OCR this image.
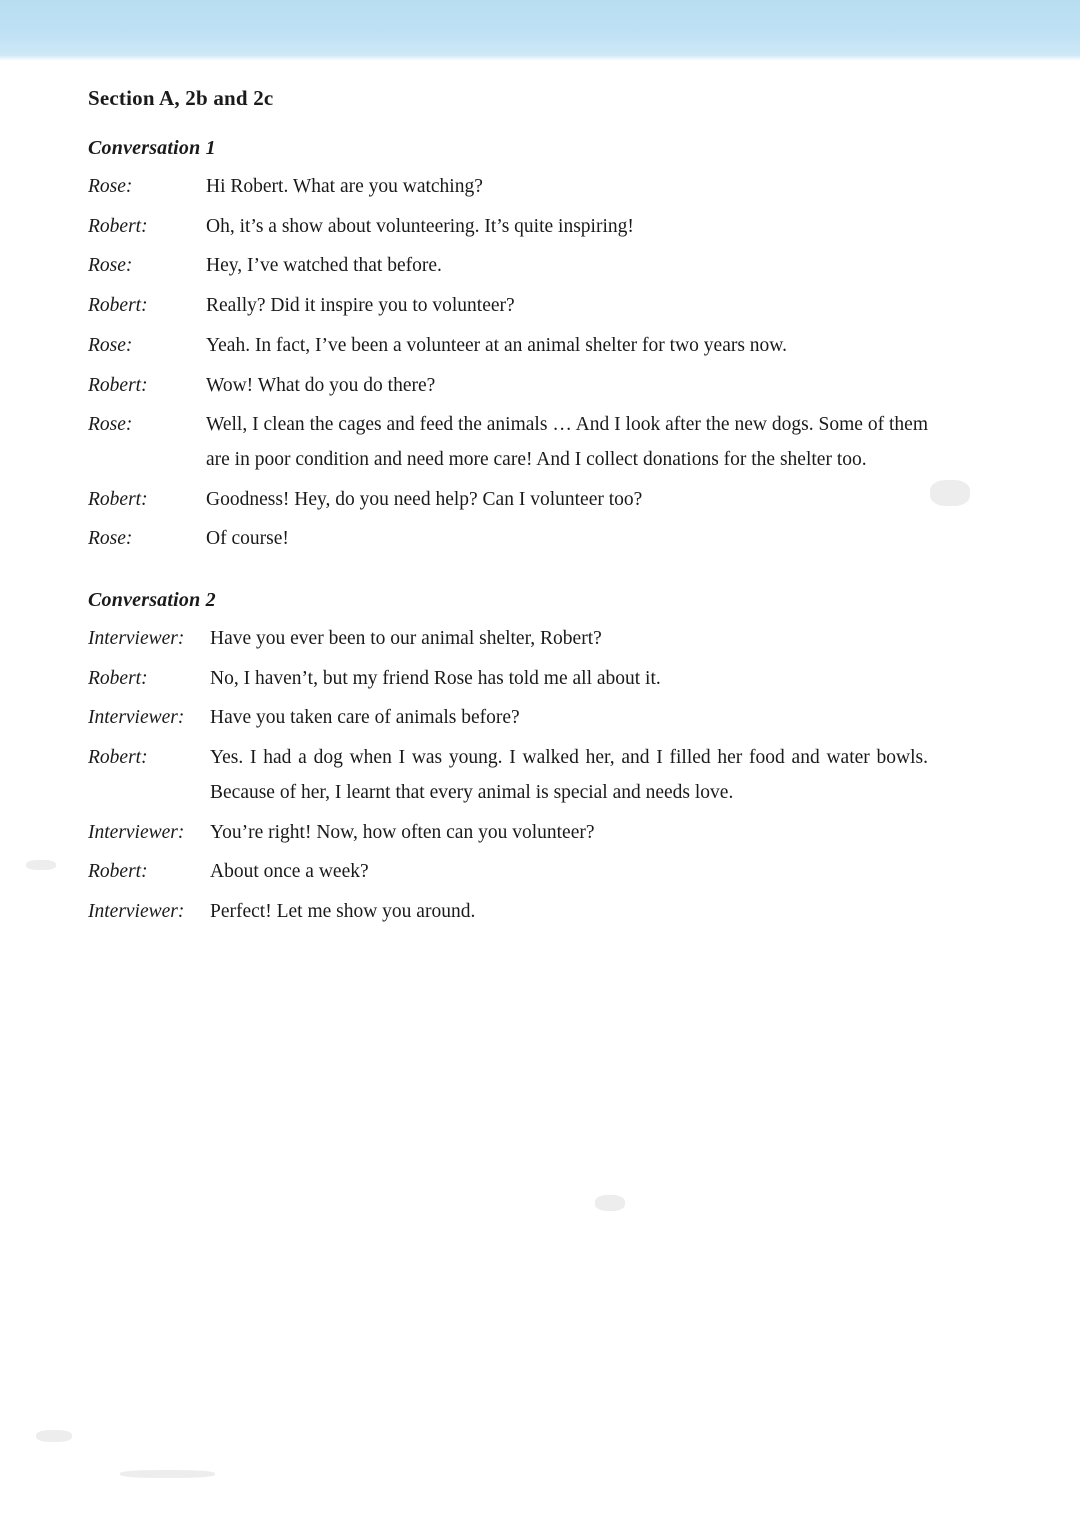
Section A, 2b and 2c
Conversation 1
Rose:	Hi Robert. What are you watching?
Robert:	Oh, it’s a show about volunteering. It’s quite inspiring!
Rose:	Hey, I’ve watched that before.
Robert:	Really? Did it inspire you to volunteer?
Rose:	Yeah. In fact, I’ve been a volunteer at an animal shelter for two years now.
Robert:	Wow! What do you do there?
Rose:	Well, I clean the cages and feed the animals … And I look after the new dogs. Some of them are in poor condition and need more care! And I collect donations for the shelter too.
Robert:	Goodness! Hey, do you need help? Can I volunteer too?
Rose:	Of course!
Conversation 2
Interviewer:	Have you ever been to our animal shelter, Robert?
Robert:	No, I haven’t, but my friend Rose has told me all about it.
Interviewer:	Have you taken care of animals before?
Robert:	Yes. I had a dog when I was young. I walked her, and I filled her food and water bowls. Because of her, I learnt that every animal is special and needs love.
Interviewer:	You’re right! Now, how often can you volunteer?
Robert:	About once a week?
Interviewer:	Perfect! Let me show you around.
